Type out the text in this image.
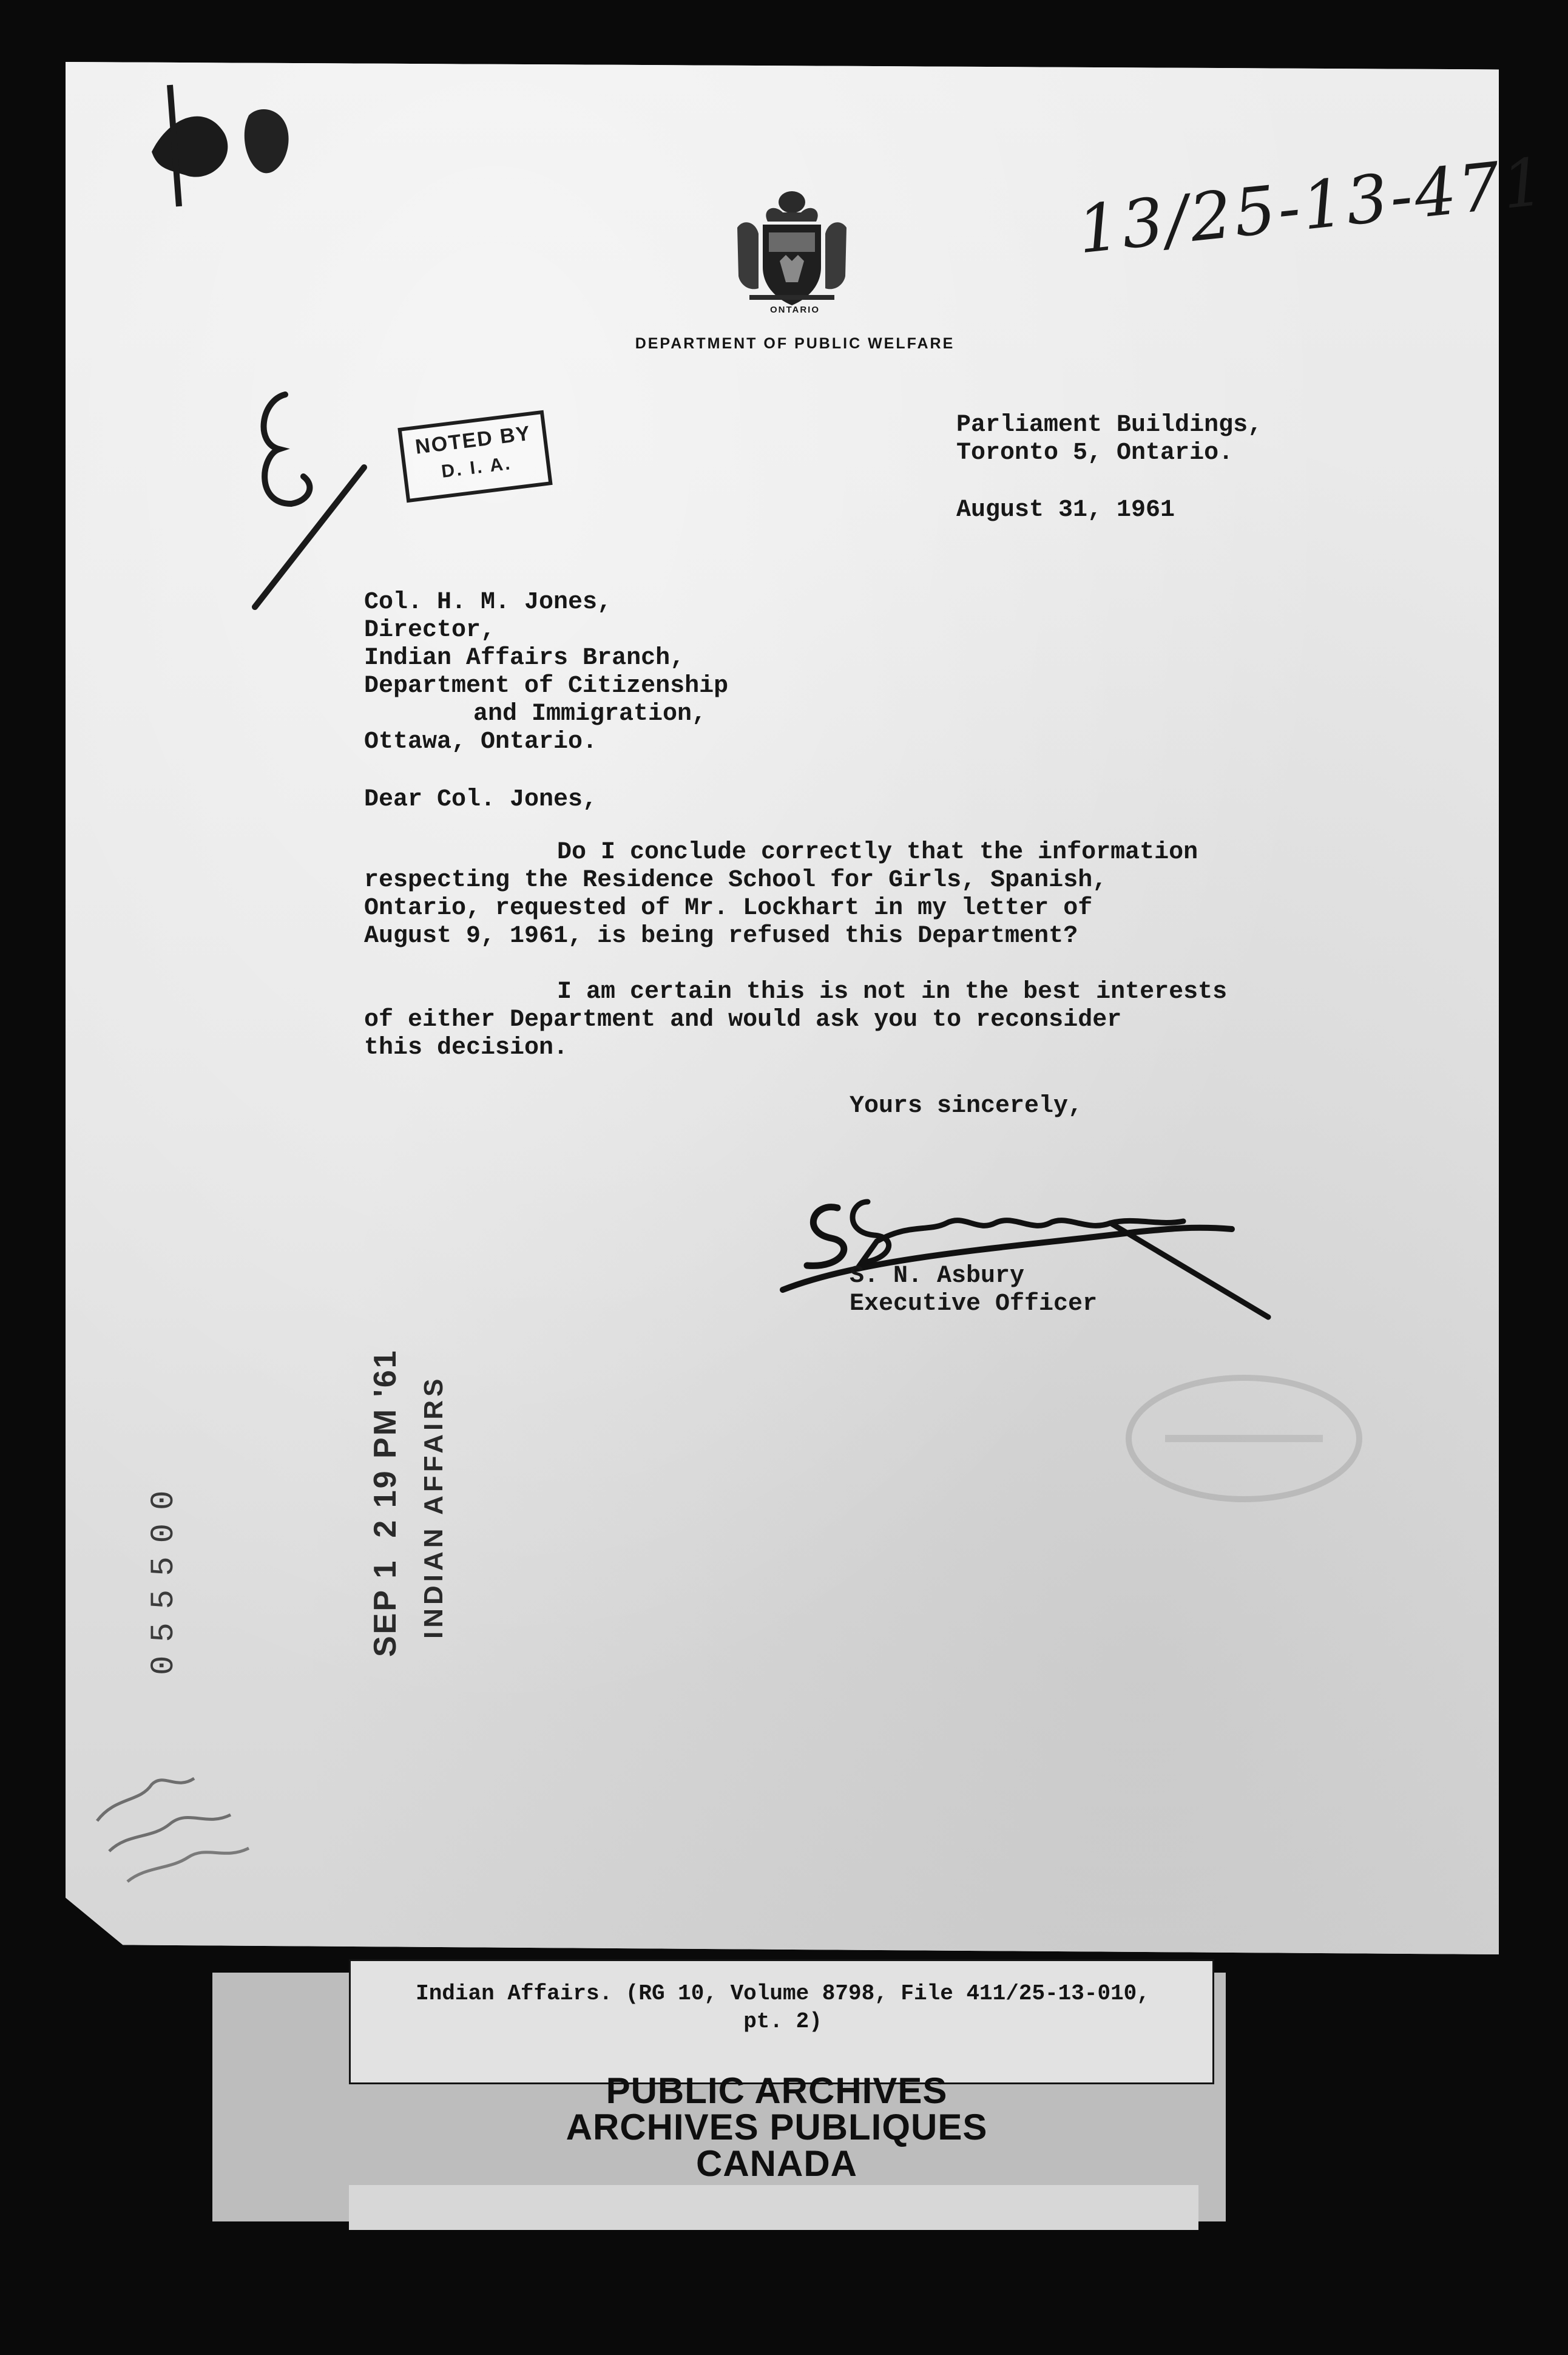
ONTARIO
DEPARTMENT OF PUBLIC WELFARE
13/25-13-471
NOTED BY
D. I. A.
Parliament Buildings,
Toronto 5, Ontario.
August 31, 1961
Col. H. M. Jones,
Director,
Indian Affairs Branch,
Department of Citizenship
and Immigration,
Ottawa, Ontario.
Dear Col. Jones,
Do I conclude correctly that the information
respecting the Residence School for Girls, Spanish,
Ontario, requested of Mr. Lockhart in my letter of
August 9, 1961, is being refused this Department?
I am certain this is not in the best interests
of either Department and would ask you to reconsider
this decision.
Yours sincerely,
S. N. Asbury
Executive Officer
SEP 1  2 19 PM '61 INDIAN AFFAIRS
055500
Indian Affairs. (RG 10, Volume 8798, File 411/25-13-010,
pt. 2)
PUBLIC ARCHIVES
ARCHIVES PUBLIQUES
CANADA
